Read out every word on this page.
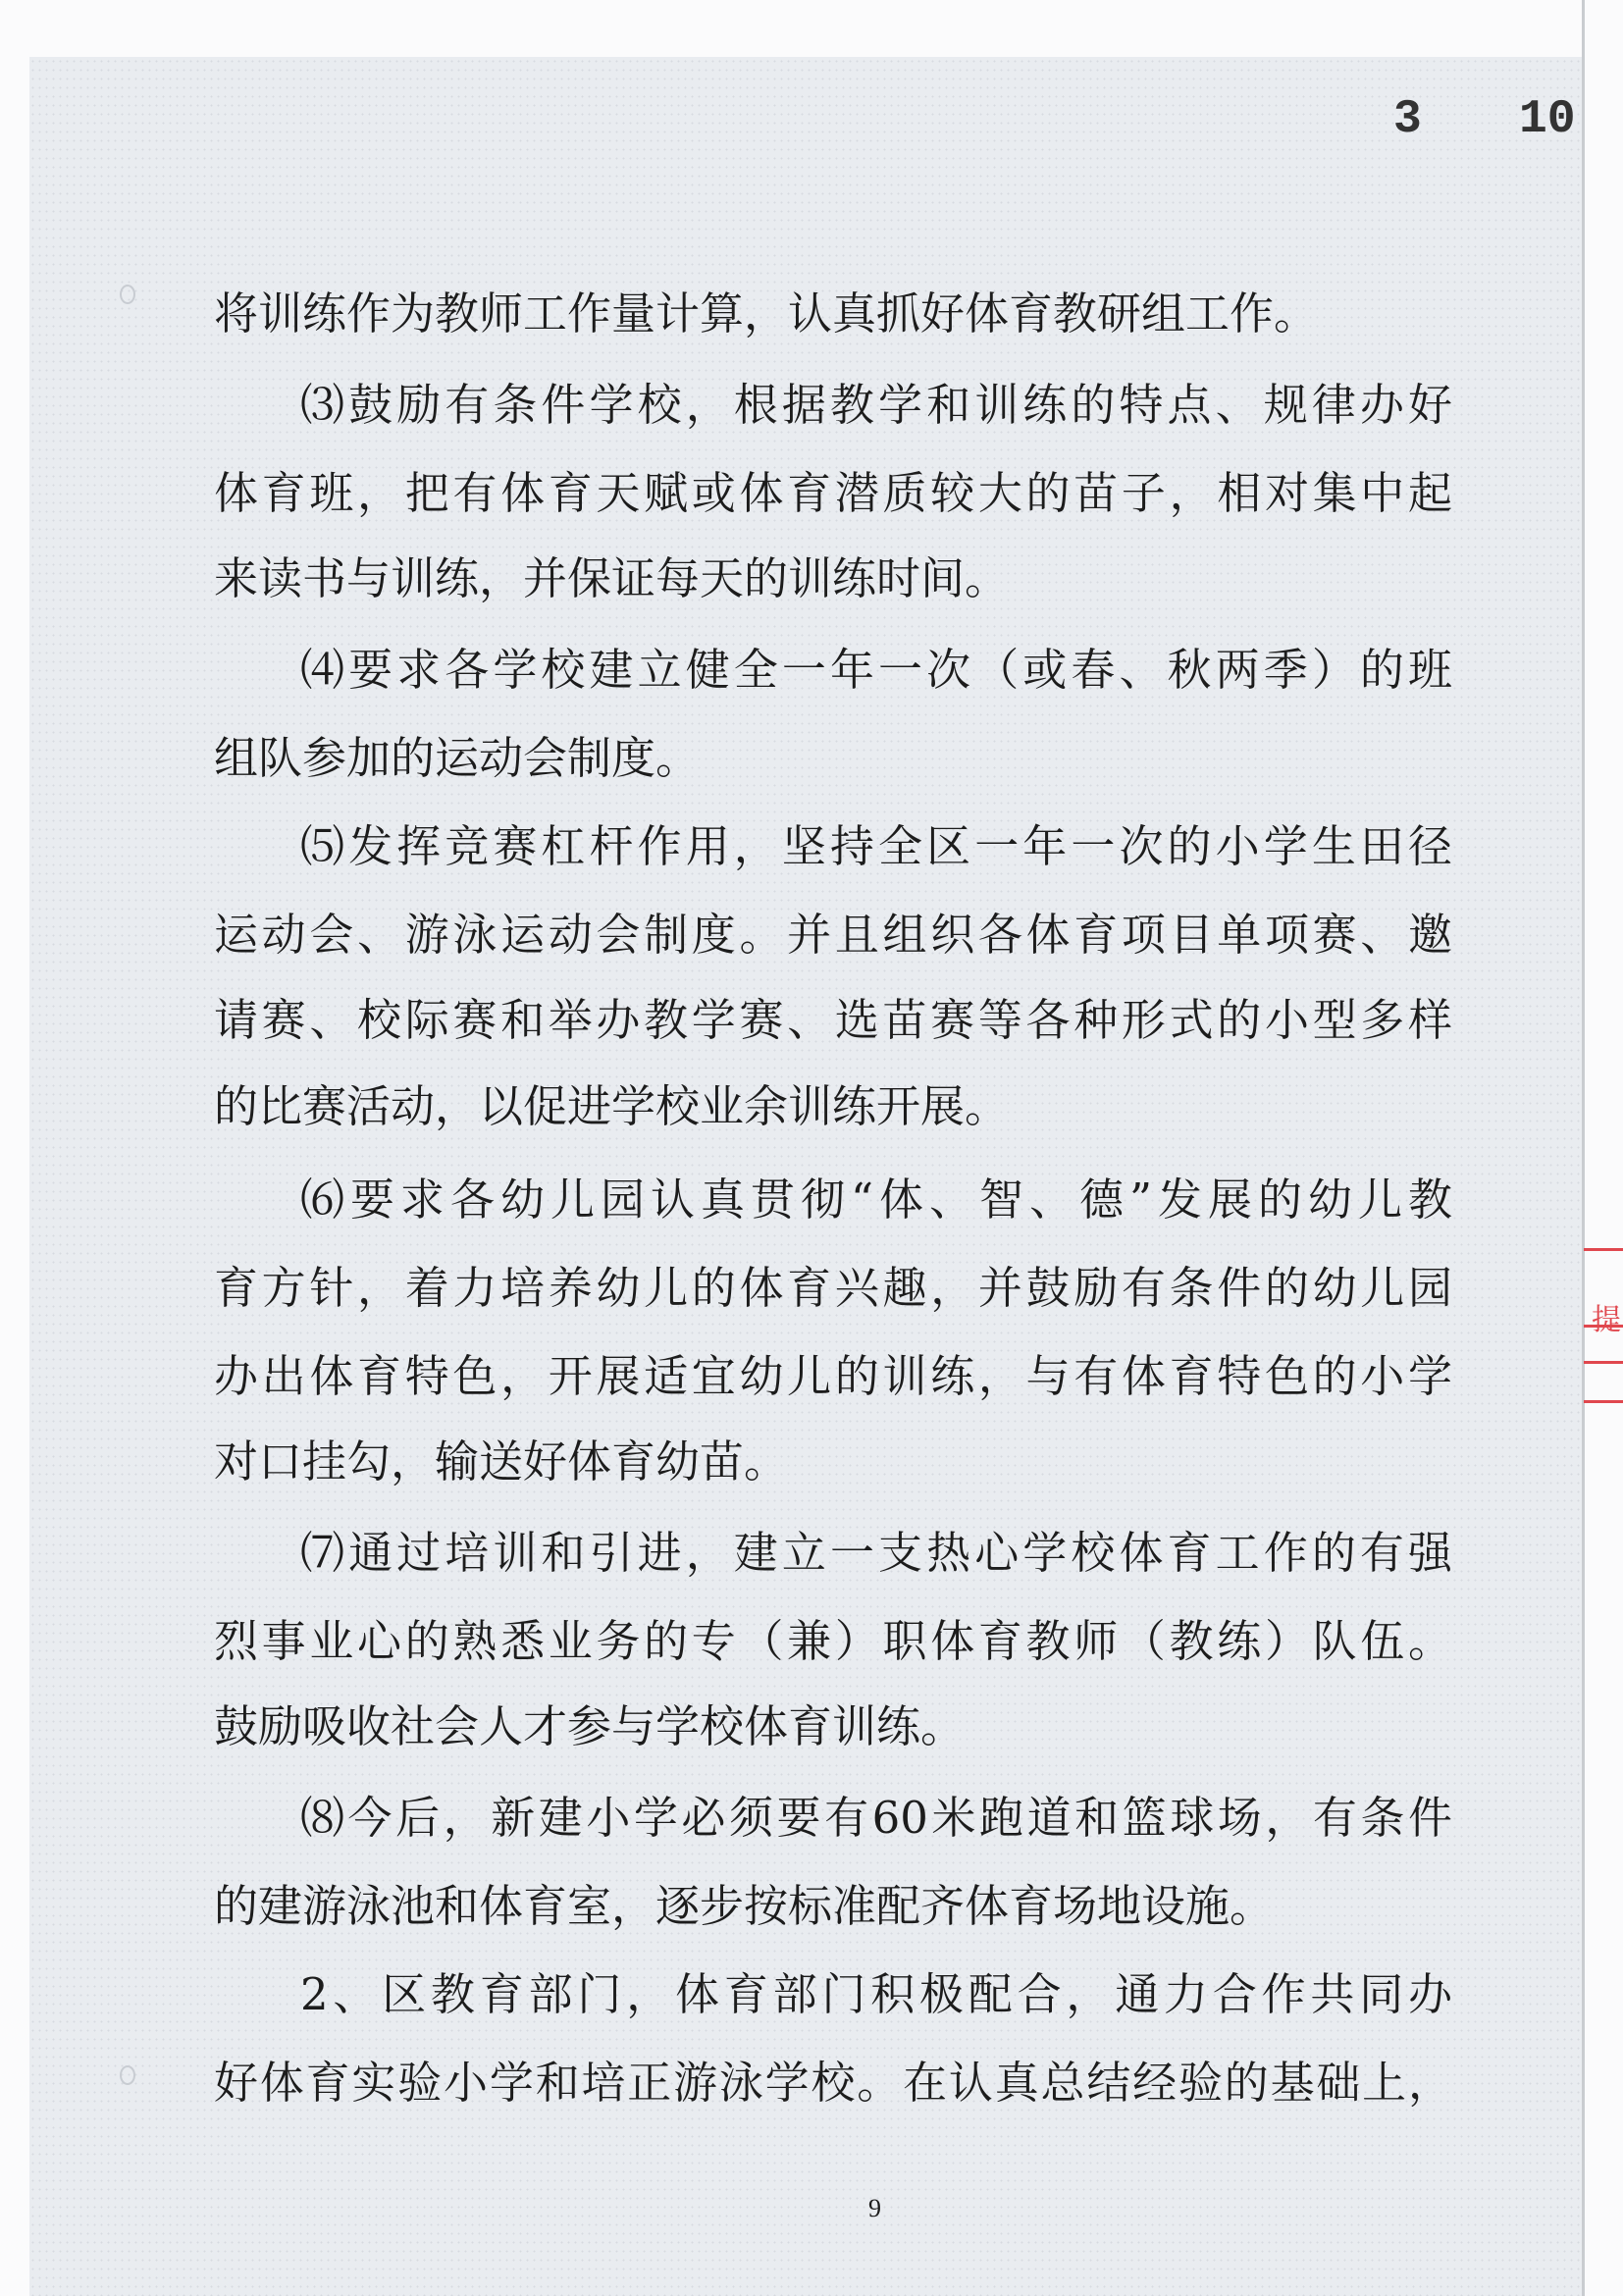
3 10
提
将训练作为教师工作量计算，认真抓好体育教研组工作。
⑶鼓励有条件学校，根据教学和训练的特点、规律办好
体育班，把有体育天赋或体育潜质较大的苗子，相对集中起
来读书与训练，并保证每天的训练时间。
⑷要求各学校建立健全一年一次（或春、秋两季）的班
组队参加的运动会制度。
⑸发挥竞赛杠杆作用，坚持全区一年一次的小学生田径
运动会、游泳运动会制度。并且组织各体育项目单项赛、邀
请赛、校际赛和举办教学赛、选苗赛等各种形式的小型多样
的比赛活动，以促进学校业余训练开展。
⑹要求各幼儿园认真贯彻“体、智、德”发展的幼儿教
育方针，着力培养幼儿的体育兴趣，并鼓励有条件的幼儿园
办出体育特色，开展适宜幼儿的训练，与有体育特色的小学
对口挂勾，输送好体育幼苗。
⑺通过培训和引进，建立一支热心学校体育工作的有强
烈事业心的熟悉业务的专（兼）职体育教师（教练）队伍。
鼓励吸收社会人才参与学校体育训练。
⑻今后，新建小学必须要有60米跑道和篮球场，有条件
的建游泳池和体育室，逐步按标准配齐体育场地设施。
2、区教育部门，体育部门积极配合，通力合作共同办
好体育实验小学和培正游泳学校。在认真总结经验的基础上，
9
